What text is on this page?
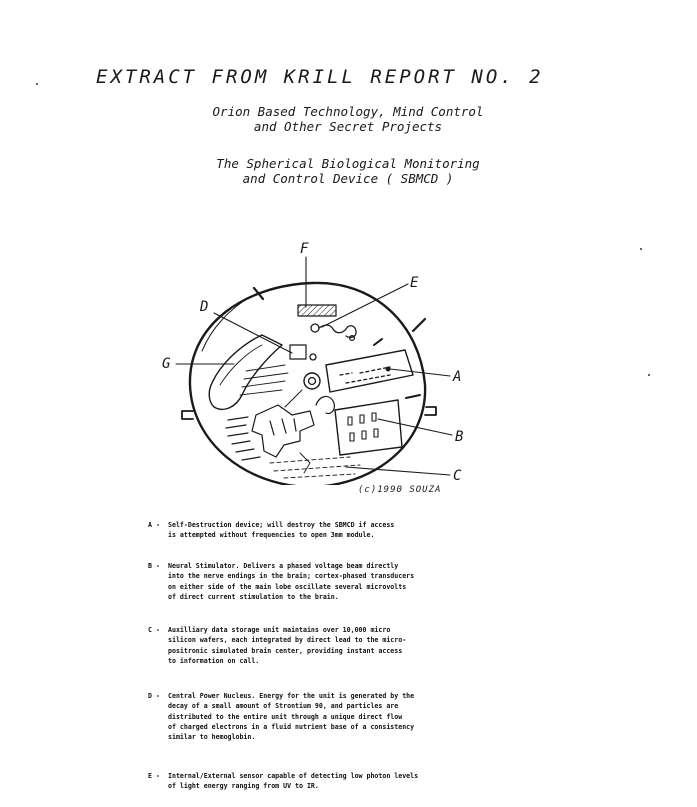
EXTRACT FROM KRILL REPORT NO. 2
Orion Based Technology, Mind Control
and Other Secret Projects
The Spherical Biological Monitoring
and Control Device ( SBMCD )
F
E
D
G
A
B
C
(c)1990 SOUZA
A -	Self-Destruction device; will destroy the SBMCD if access
is attempted without frequencies to open 3mm module.
B -	Neural Stimulator. Delivers a phased voltage beam directly
into the nerve endings in the brain; cortex-phased transducers
on either side of the main lobe oscillate several microvolts
of direct current stimulation to the brain.
C -	Auxilliary data storage unit maintains over 10,000 micro
silicon wafers, each integrated by direct lead to the micro-
positronic simulated brain center, providing instant access
to information on call.
D -	Central Power Nucleus. Energy for the unit is generated by the
decay of a small amount of Strontium 90, and particles are
distributed to the entire unit through a unique direct flow
of charged electrons in a fluid nutrient base of a consistency
similar to hemoglobin.
E -	Internal/External sensor capable of detecting low photon levels
of light energy ranging from UV to IR.
